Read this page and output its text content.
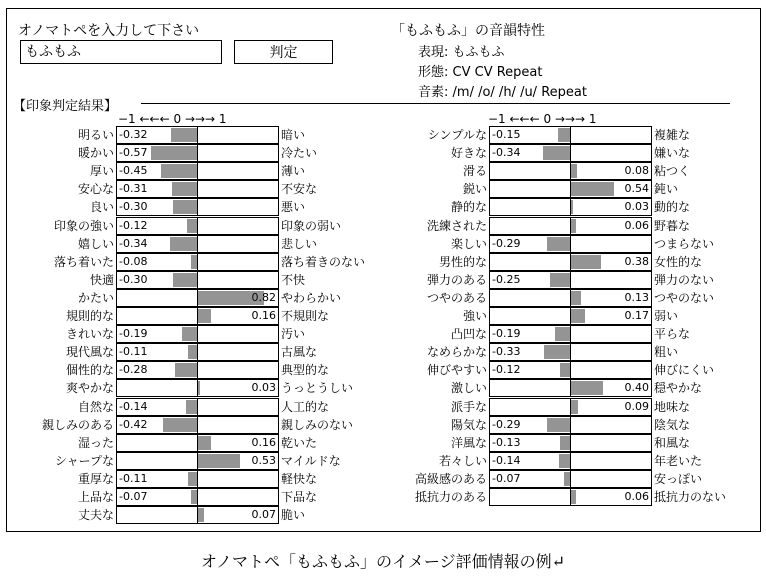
オノマトペを入力して下さい
もふもふ	判定
「もふもふ」の音韻特性
表現: もふもふ
形態: CV CV Repeat
音素: /m/ /o/ /h/ /u/ Repeat
【印象判定結果】
−1 ←←← 0 →→→ 1	−1 ←←← 0 →→→ 1
明るい -0.32	暗い
暖かい -0.57	冷たい
厚い -0.45	薄い
安心な -0.31	不安な
良い -0.30	悪い
印象の強い -0.12	印象の弱い
嬉しい -0.34	悲しい
落ち着いた -0.08	落ち着きのない
快適 -0.30	不快
かたい	0.82 やわらかい
規則的な	0.16 不規則な
きれいな -0.19	汚い
現代風な -0.11	古風な
個性的な -0.28	典型的な
爽やかな	0.03 うっとうしい
自然な -0.14	人工的な
親しみのある -0.42	親しみのない
湿った	0.16 乾いた
シャープな	0.53 マイルドな
重厚な -0.11	軽快な
上品な -0.07	下品な
丈夫な	0.07 脆い
シンプルな -0.15	複雑な
好きな -0.34	嫌いな
滑る	0.08 粘つく
鋭い	0.54 鈍い
静的な	0.03 動的な
洗練された	0.06 野暮な
楽しい -0.29	つまらない
男性的な	0.38 女性的な
弾力のある -0.25	弾力のない
つやのある	0.13 つやのない
強い	0.17 弱い
凸凹な -0.19	平らな
なめらかな -0.33	粗い
伸びやすい -0.12	伸びにくい
激しい	0.40 穏やかな
派手な	0.09 地味な
陽気な -0.29	陰気な
洋風な -0.13	和風な
若々しい -0.14	年老いた
高級感のある -0.07	安っぽい
抵抗力のある	0.06 抵抗力のない
オノマトペ「もふもふ」のイメージ評価情報の例↵
